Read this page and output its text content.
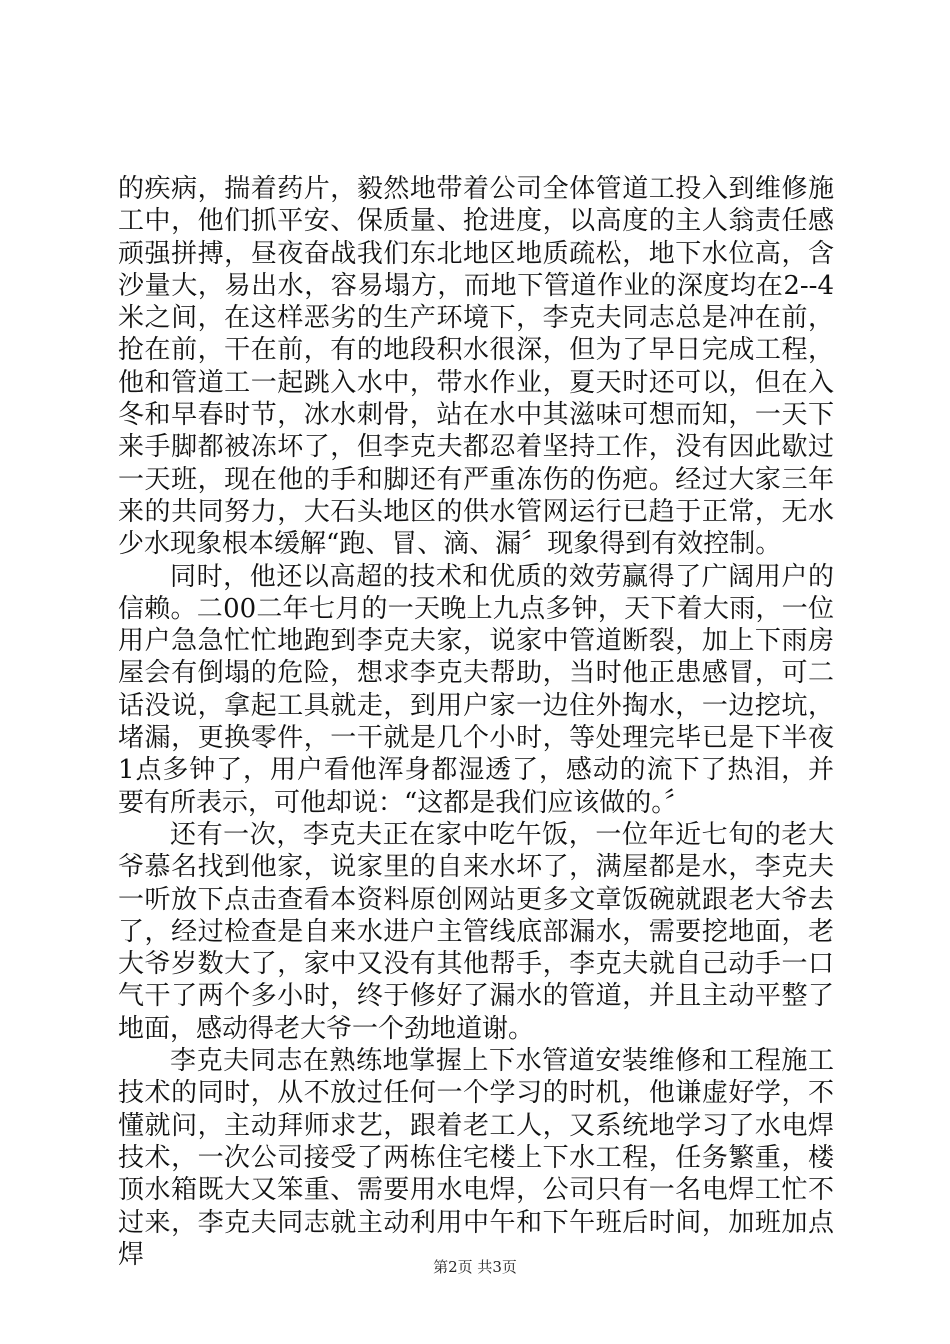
的疾病，揣着药片，毅然地带着公司全体管道工投入到维修施工中，他们抓平安、保质量、抢进度，以高度的主人翁责任感顽强拼搏，昼夜奋战我们东北地区地质疏松，地下水位高，含沙量大，易出水，容易塌方，而地下管道作业的深度均在2--4米之间，在这样恶劣的生产环境下，李克夫同志总是冲在前，抢在前，干在前，有的地段积水很深，但为了早日完成工程，他和管道工一起跳入水中，带水作业，夏天时还可以，但在入冬和早春时节，冰水刺骨，站在水中其滋味可想而知，一天下来手脚都被冻坏了，但李克夫都忍着坚持工作，没有因此歇过一天班，现在他的手和脚还有严重冻伤的伤疤。经过大家三年来的共同努力，大石头地区的供水管网运行已趋于正常，无水少水现象根本缓解“跑、冒、滴、漏〞现象得到有效控制。

同时，他还以高超的技术和优质的效劳赢得了广阔用户的信赖。二00二年七月的一天晚上九点多钟，天下着大雨，一位用户急急忙忙地跑到李克夫家，说家中管道断裂，加上下雨房屋会有倒塌的危险，想求李克夫帮助，当时他正患感冒，可二话没说，拿起工具就走，到用户家一边住外掏水，一边挖坑，堵漏，更换零件，一干就是几个小时，等处理完毕已是下半夜1点多钟了，用户看他浑身都湿透了，感动的流下了热泪，并要有所表示，可他却说：“这都是我们应该做的。〞

还有一次，李克夫正在家中吃午饭，一位年近七旬的老大爷慕名找到他家，说家里的自来水坏了，满屋都是水，李克夫一听放下点击查看本资料原创网站更多文章饭碗就跟老大爷去了，经过检查是自来水进户主管线底部漏水，需要挖地面，老大爷岁数大了，家中又没有其他帮手，李克夫就自己动手一口气干了两个多小时，终于修好了漏水的管道，并且主动平整了地面，感动得老大爷一个劲地道谢。

李克夫同志在熟练地掌握上下水管道安装维修和工程施工技术的同时，从不放过任何一个学习的时机，他谦虚好学，不懂就问，主动拜师求艺，跟着老工人，又系统地学习了水电焊技术，一次公司接受了两栋住宅楼上下水工程，任务繁重，楼顶水箱既大又笨重、需要用水电焊，公司只有一名电焊工忙不过来，李克夫同志就主动利用中午和下午班后时间，加班加点焊	第2页 共3页
